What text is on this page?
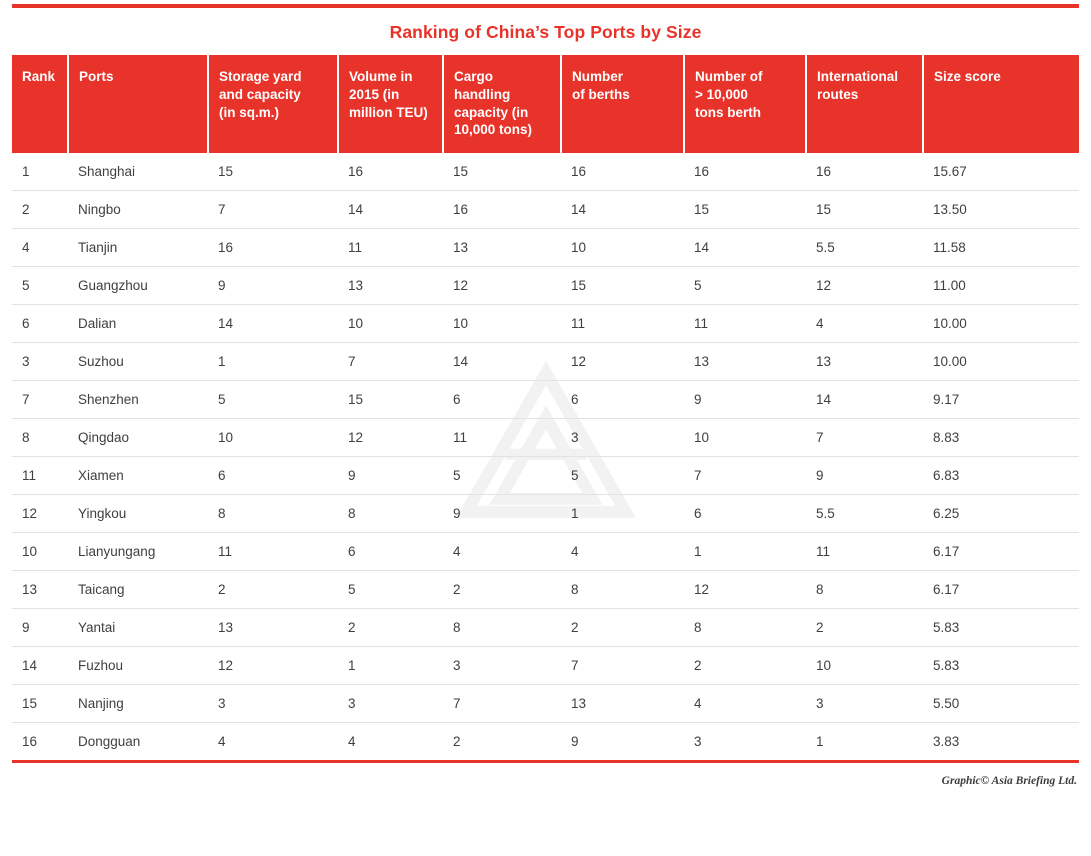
Ranking of China’s Top Ports by Size
Rank	Ports	Storage yard
and capacity
(in sq.m.)	Volume in
2015 (in
million TEU)	Cargo
handling
capacity (in
10,000 tons)	Number
of berths	Number of
> 10,000
tons berth	International
routes	Size score
1	Shanghai	15	16	15	16	16	16	15.67
2	Ningbo	7	14	16	14	15	15	13.50
4	Tianjin	16	11	13	10	14	5.5	11.58
5	Guangzhou	9	13	12	15	5	12	11.00
6	Dalian	14	10	10	11	11	4	10.00
3	Suzhou	1	7	14	12	13	13	10.00
7	Shenzhen	5	15	6	6	9	14	9.17
8	Qingdao	10	12	11	3	10	7	8.83
11	Xiamen	6	9	5	5	7	9	6.83
12	Yingkou	8	8	9	1	6	5.5	6.25
10	Lianyungang	11	6	4	4	1	11	6.17
13	Taicang	2	5	2	8	12	8	6.17
9	Yantai	13	2	8	2	8	2	5.83
14	Fuzhou	12	1	3	7	2	10	5.83
15	Nanjing	3	3	7	13	4	3	5.50
16	Dongguan	4	4	2	9	3	1	3.83
Graphic© Asia Briefing Ltd.
